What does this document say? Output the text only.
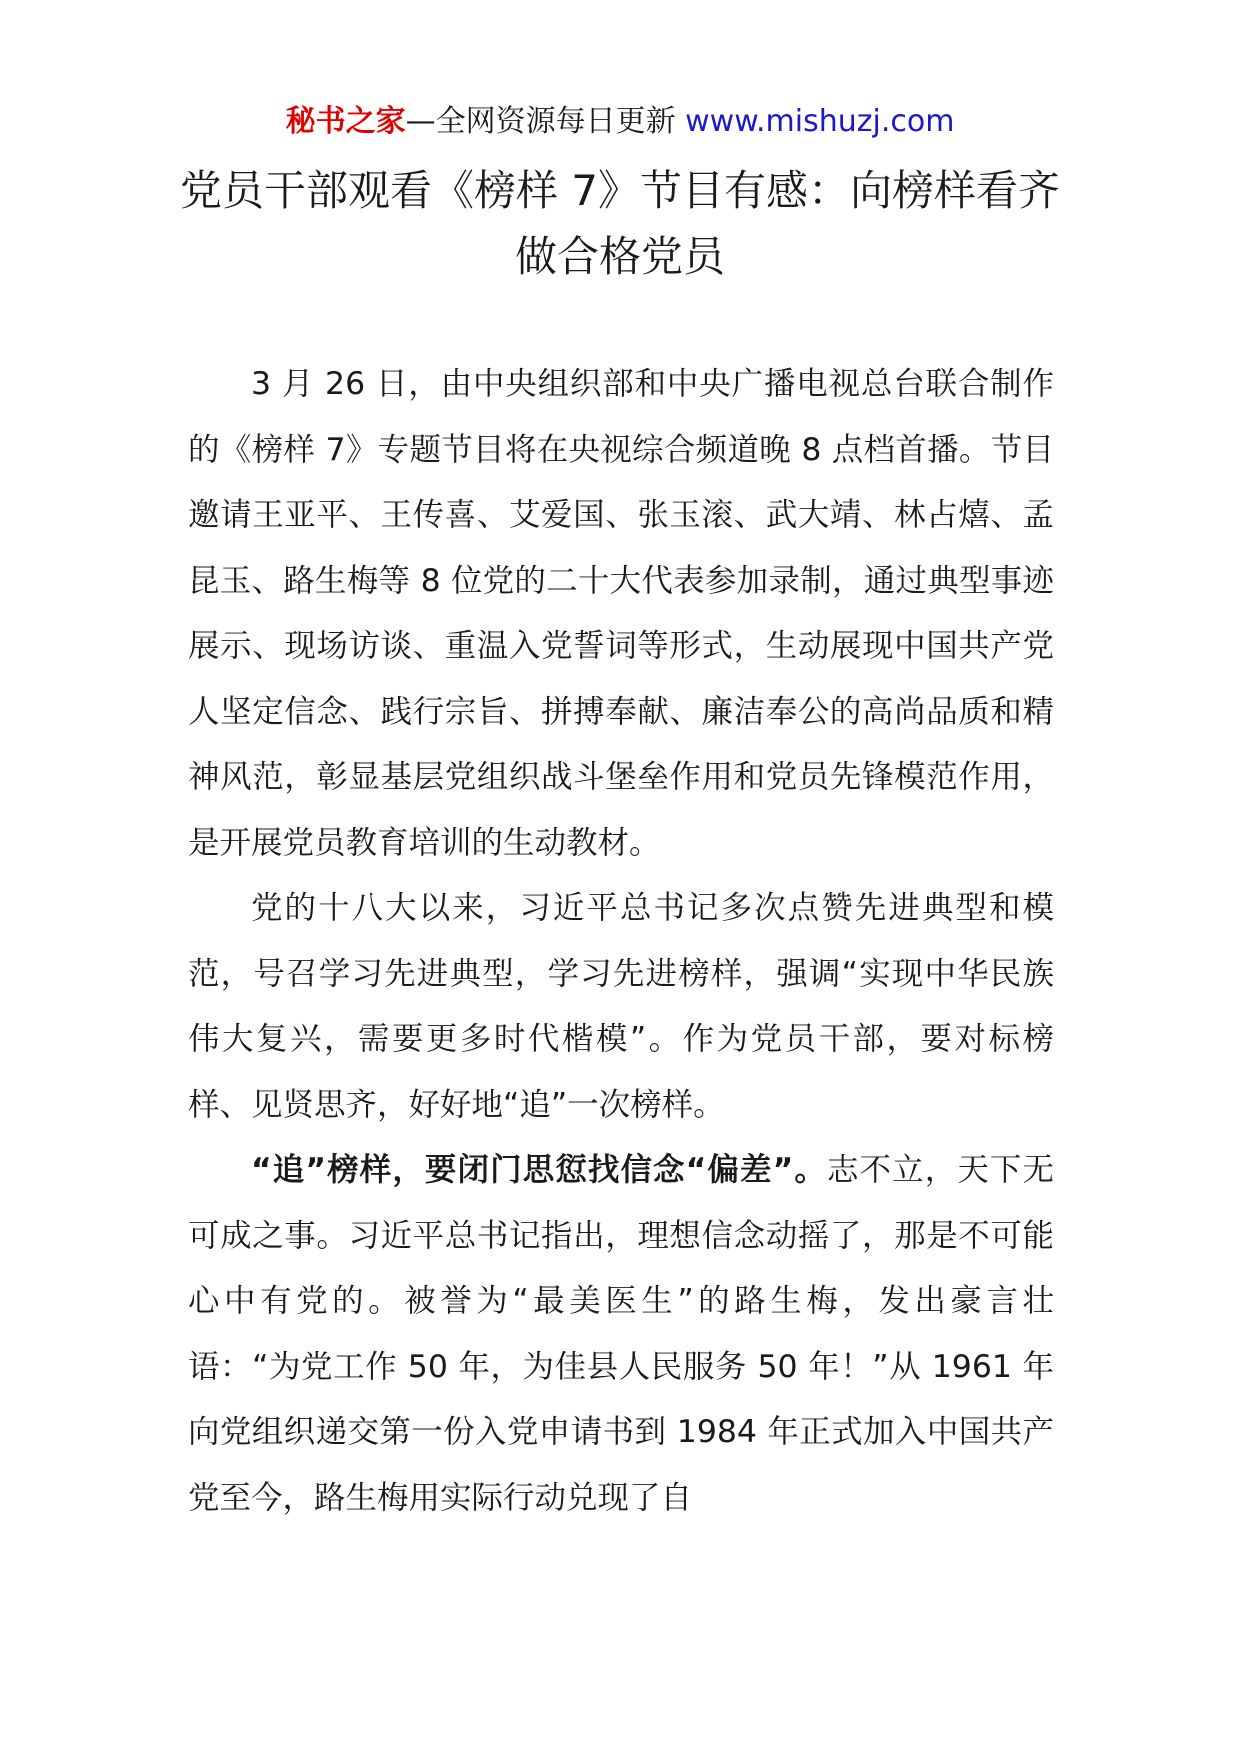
秘书之家—全网资源每日更新 www.mishuzj.com
党员干部观看《榜样 7》节目有感：向榜样看齐做合格党员

3 月 26 日，由中央组织部和中央广播电视总台联合制作的《榜样 7》专题节目将在央视综合频道晚 8 点档首播。节目邀请王亚平、王传喜、艾爱国、张玉滚、武大靖、林占熺、孟昆玉、路生梅等 8 位党的二十大代表参加录制，通过典型事迹展示、现场访谈、重温入党誓词等形式，生动展现中国共产党人坚定信念、践行宗旨、拼搏奉献、廉洁奉公的高尚品质和精神风范，彰显基层党组织战斗堡垒作用和党员先锋模范作用，是开展党员教育培训的生动教材。

党的十八大以来，习近平总书记多次点赞先进典型和模范，号召学习先进典型，学习先进榜样，强调“实现中华民族伟大复兴，需要更多时代楷模”。作为党员干部，要对标榜样、见贤思齐，好好地“追”一次榜样。

“追”榜样，要闭门思愆找信念“偏差”。志不立，天下无可成之事。习近平总书记指出，理想信念动摇了，那是不可能心中有党的。被誉为“最美医生”的路生梅，发出豪言壮语：“为党工作 50 年，为佳县人民服务 50 年！”从 1961 年向党组织递交第一份入党申请书到 1984 年正式加入中国共产党至今，路生梅用实际行动兑现了自
